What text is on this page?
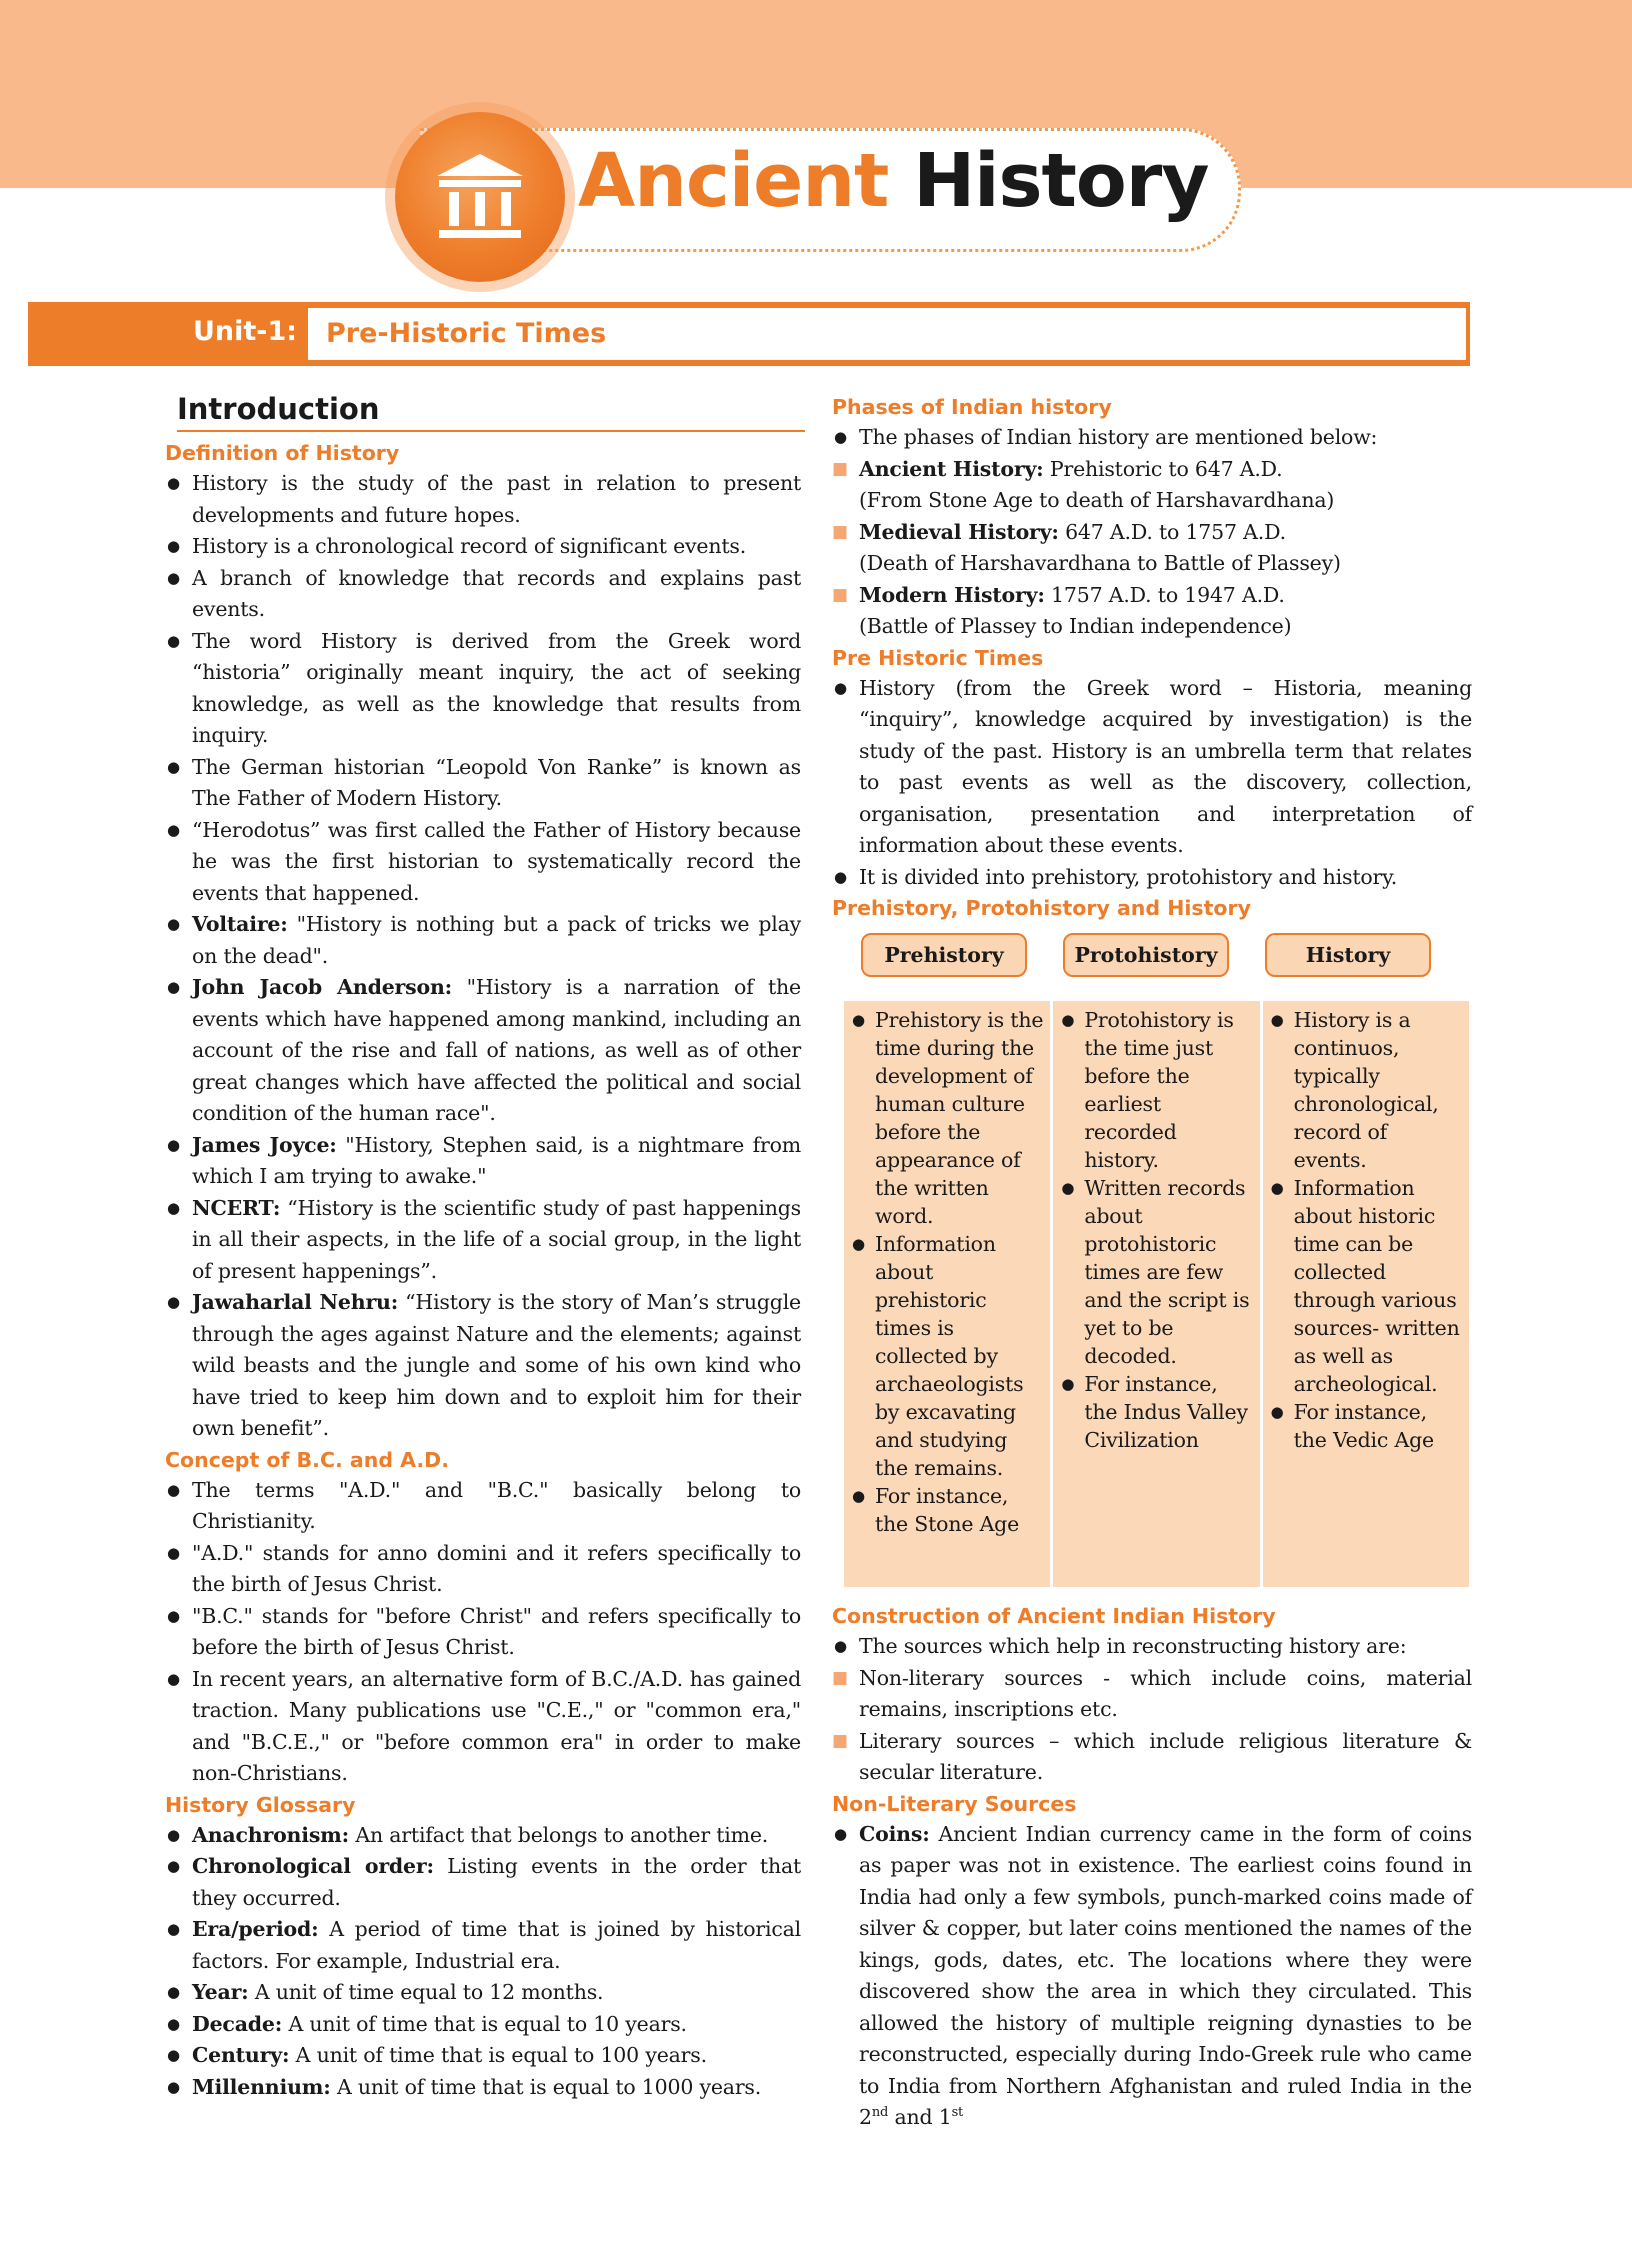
Ancient History
Unit-1: Pre-Historic Times
Introduction
Definition of History
● History is the study of the past in relation to present developments and future hopes.
● History is a chronological record of significant events.
● A branch of knowledge that records and explains past events.
● The word History is derived from the Greek word “historia” originally meant inquiry, the act of seeking knowledge, as well as the knowledge that results from inquiry.
● The German historian “Leopold Von Ranke” is known as The Father of Modern History.
● “Herodotus” was first called the Father of History because he was the first historian to systematically record the events that happened.
● Voltaire: "History is nothing but a pack of tricks we play on the dead".
● John Jacob Anderson: "History is a narration of the events which have happened among mankind, including an account of the rise and fall of nations, as well as of other great changes which have affected the political and social condition of the human race".
● James Joyce: "History, Stephen said, is a nightmare from which I am trying to awake."
● NCERT: “History is the scientific study of past happenings in all their aspects, in the life of a social group, in the light of present happenings”.
● Jawaharlal Nehru: “History is the story of Man’s struggle through the ages against Nature and the elements; against wild beasts and the jungle and some of his own kind who have tried to keep him down and to exploit him for their own benefit”.
Concept of B.C. and A.D.
● The terms "A.D." and "B.C." basically belong to Christianity.
● "A.D." stands for anno domini and it refers specifically to the birth of Jesus Christ.
● "B.C." stands for "before Christ" and refers specifically to before the birth of Jesus Christ.
● In recent years, an alternative form of B.C./A.D. has gained traction. Many publications use "C.E.," or "common era," and "B.C.E.," or "before common era" in order to make non-Christians.
History Glossary
● Anachronism: An artifact that belongs to another time.
● Chronological order: Listing events in the order that they occurred.
● Era/period: A period of time that is joined by historical factors. For example, Industrial era.
● Year: A unit of time equal to 12 months.
● Decade: A unit of time that is equal to 10 years.
● Century: A unit of time that is equal to 100 years.
● Millennium: A unit of time that is equal to 1000 years.
Phases of Indian history
● The phases of Indian history are mentioned below:
■ Ancient History: Prehistoric to 647 A.D.
(From Stone Age to death of Harshavardhana)
■ Medieval History: 647 A.D. to 1757 A.D.
(Death of Harshavardhana to Battle of Plassey)
■ Modern History: 1757 A.D. to 1947 A.D.
(Battle of Plassey to Indian independence)
Pre Historic Times
● History (from the Greek word – Historia, meaning “inquiry”, knowledge acquired by investigation) is the study of the past. History is an umbrella term that relates to past events as well as the discovery, collection, organisation, presentation and interpretation of information about these events.
● It is divided into prehistory, protohistory and history.
Prehistory, Protohistory and History
Prehistory	Protohistory	History
● Prehistory is the time during the development of human culture before the appearance of the written word.
● Information about prehistoric times is collected by archaeologists by excavating and studying the remains.
● For instance, the Stone Age
● Protohistory is the time just before the earliest recorded history.
● Written records about protohistoric times are few and the script is yet to be decoded.
● For instance, the Indus Valley Civilization
● History is a continuos, typically chronological, record of events.
● Information about historic time can be collected through various sources- written as well as archeological.
● For instance, the Vedic Age
Construction of Ancient Indian History
● The sources which help in reconstructing history are:
■ Non-literary sources - which include coins, material remains, inscriptions etc.
■ Literary sources – which include religious literature & secular literature.
Non-Literary Sources
● Coins: Ancient Indian currency came in the form of coins as paper was not in existence. The earliest coins found in India had only a few symbols, punch-marked coins made of silver & copper, but later coins mentioned the names of the kings, gods, dates, etc. The locations where they were discovered show the area in which they circulated. This allowed the history of multiple reigning dynasties to be reconstructed, especially during Indo-Greek rule who came to India from Northern Afghanistan and ruled India in the 2nd and 1st
